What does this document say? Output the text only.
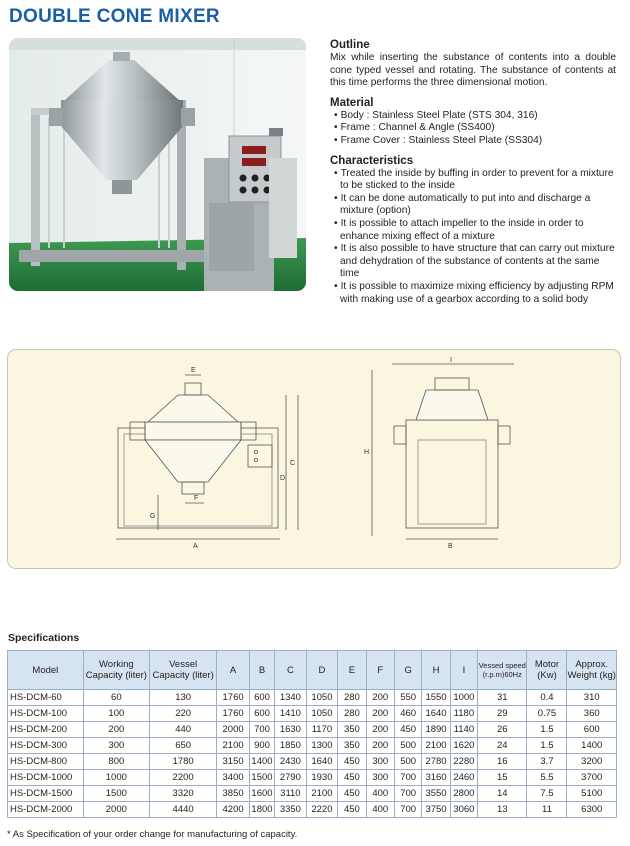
DOUBLE CONE MIXER
Outline

Mix while inserting the substance of contents into a double cone typed vessel and rotating. The substance of contents at this time performs the three dimensional motion.

Material
• Body : Stainless Steel Plate (STS 304, 316)
• Frame : Channel & Angle (SS400)
• Frame Cover : Stainless Steel Plate (SS304)
Characteristics
• Treated the inside by buffing in order to prevent for a mixture to be sticked to the inside
• It can be done automatically to put into and discharge a mixture (option)
• It is possible to attach impeller to the inside in order to enhance mixing effect of a mixture
• It is also possible to have structure that can carry out mixture and dehydration of the substance of contents at the same time
• It is possible to maximize mixing efficiency by adjusting RPM with making use of a gearbox according to a solid body
E
F
A
C
D
G
H
I
B
Specifications
Model	Working Capacity (liter)	Vessel Capacity (liter)	A	B	C	D	E	F	G	H	I	Vessed speed (r.p.m)60Hz	Motor (Kw)	Approx. Weight (kg)
HS-DCM-60	60	130	1760	600	1340	1050	280	200	550	1550	1000	31	0.4	310
HS-DCM-100	100	220	1760	600	1410	1050	280	200	460	1640	1180	29	0.75	360
HS-DCM-200	200	440	2000	700	1630	1170	350	200	450	1890	1140	26	1.5	600
HS-DCM-300	300	650	2100	900	1850	1300	350	200	500	2100	1620	24	1.5	1400
HS-DCM-800	800	1780	3150	1400	2430	1640	450	300	500	2780	2280	16	3.7	3200
HS-DCM-1000	1000	2200	3400	1500	2790	1930	450	300	700	3160	2460	15	5.5	3700
HS-DCM-1500	1500	3320	3850	1600	3110	2100	450	400	700	3550	2800	14	7.5	5100
HS-DCM-2000	2000	4440	4200	1800	3350	2220	450	400	700	3750	3060	13	11	6300
* As Specification of your order change for manufacturing of capacity.
